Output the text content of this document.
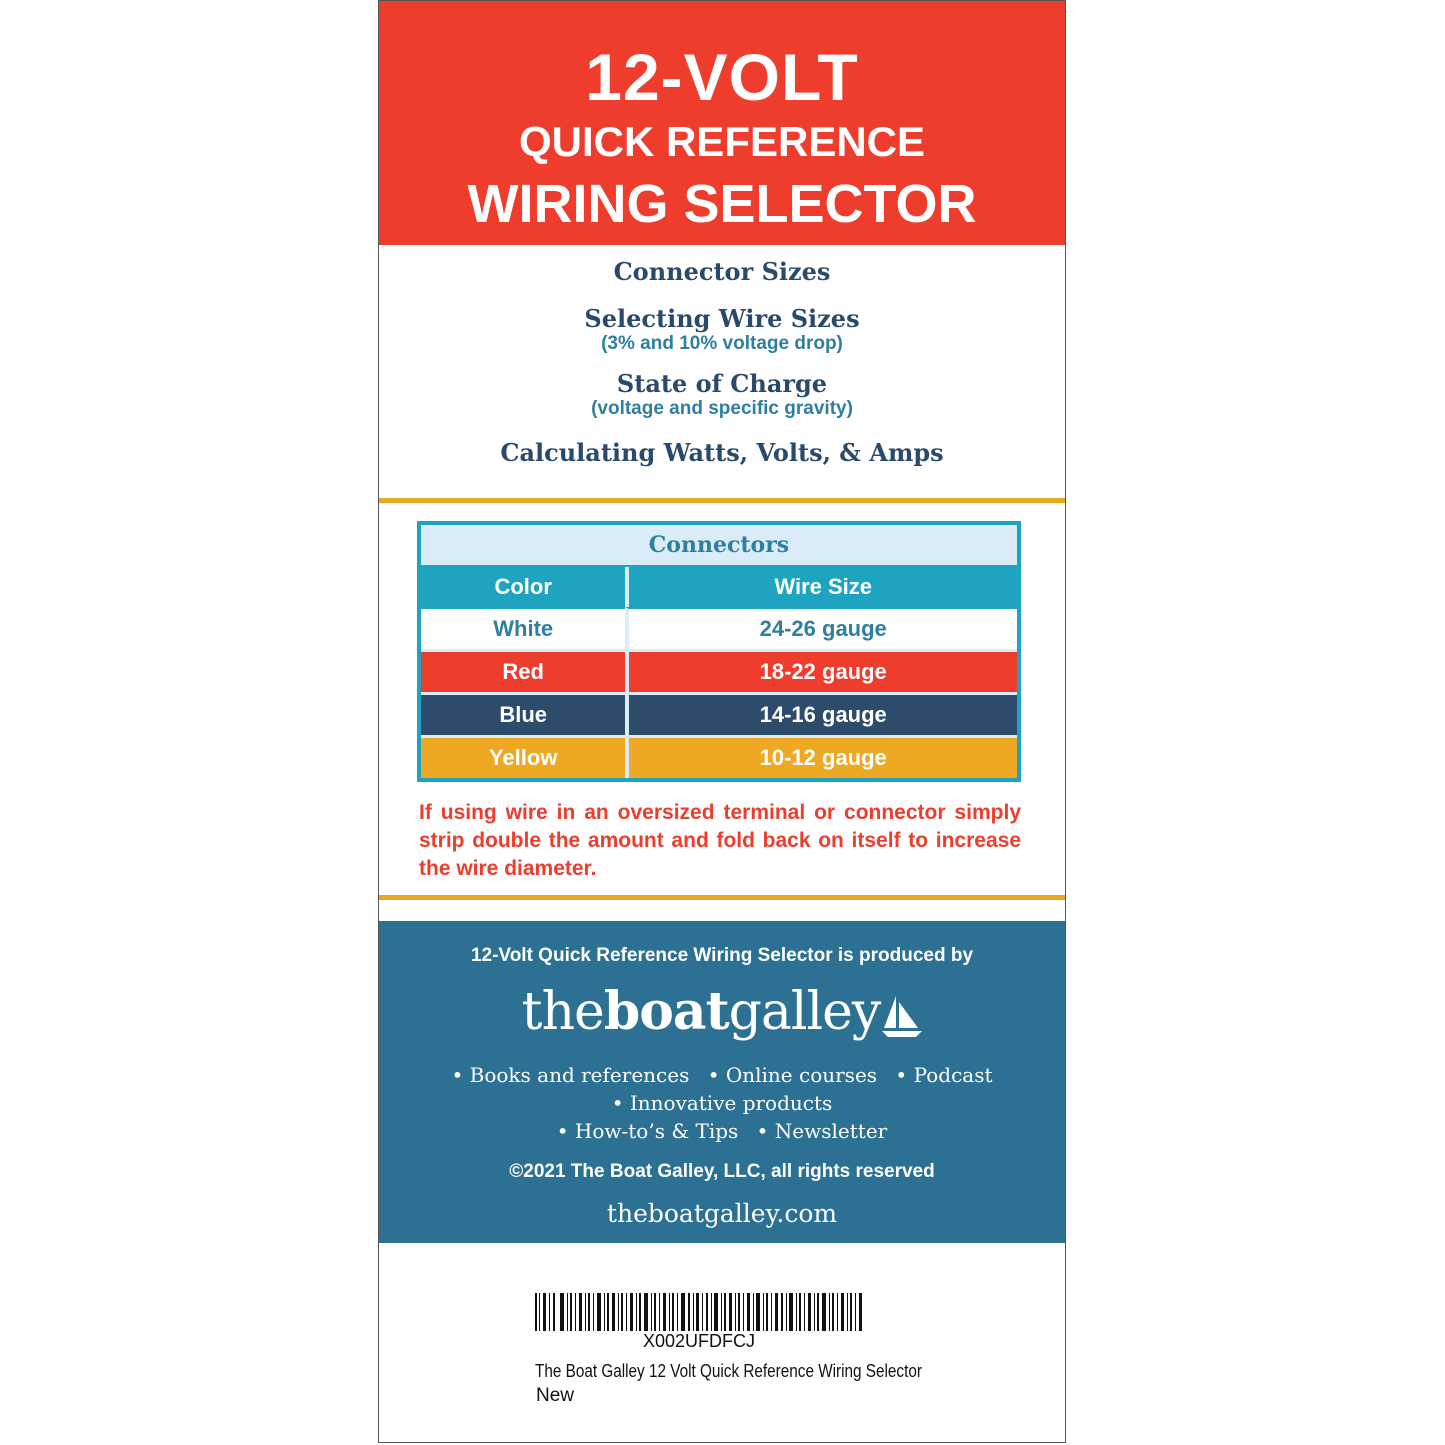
12-VOLT
QUICK REFERENCE
WIRING SELECTOR
Connector Sizes
Selecting Wire Sizes
(3% and 10% voltage drop)
State of Charge
(voltage and specific gravity)
Calculating Watts, Volts, & Amps
Connectors	
Color	Wire Size
White	24-26 gauge
Red	18-22 gauge
Blue	14-16 gauge
Yellow	10-12 gauge
If using wire in an oversized terminal or connector simply strip double the amount and fold back on itself to increase the wire diameter.
12-Volt Quick Reference Wiring Selector is produced by
theboatgalley
• Books and references • Online courses • Podcast
• Innovative products
• How-to’s & Tips • Newsletter
©2021 The Boat Galley, LLC, all rights reserved
theboatgalley.com
X002UFDFCJ
The Boat Galley 12 Volt Quick Reference Wiring Selector
New
